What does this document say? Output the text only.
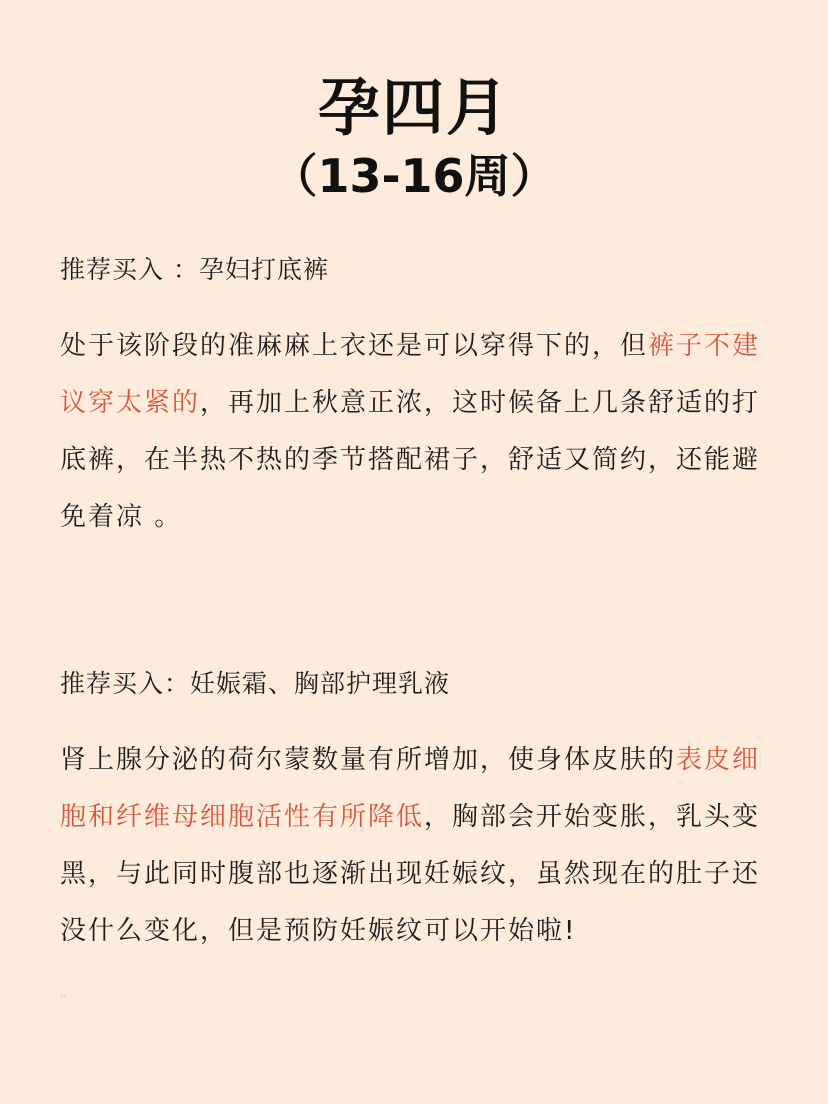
孕四月
（13-16周）
推荐买入 ：孕妇打底裤
处于该阶段的准麻麻上衣还是可以穿得下的，但裤子不建议穿太紧的，再加上秋意正浓，这时候备上几条舒适的打底裤，在半热不热的季节搭配裙子，舒适又简约，还能避免着凉 。
推荐买入：妊娠霜、胸部护理乳液
肾上腺分泌的荷尔蒙数量有所增加，使身体皮肤的表皮细胞和纤维母细胞活性有所降低，胸部会开始变胀，乳头变黑，与此同时腹部也逐渐出现妊娠纹，虽然现在的肚子还没什么变化，但是预防妊娠纹可以开始啦!
··
